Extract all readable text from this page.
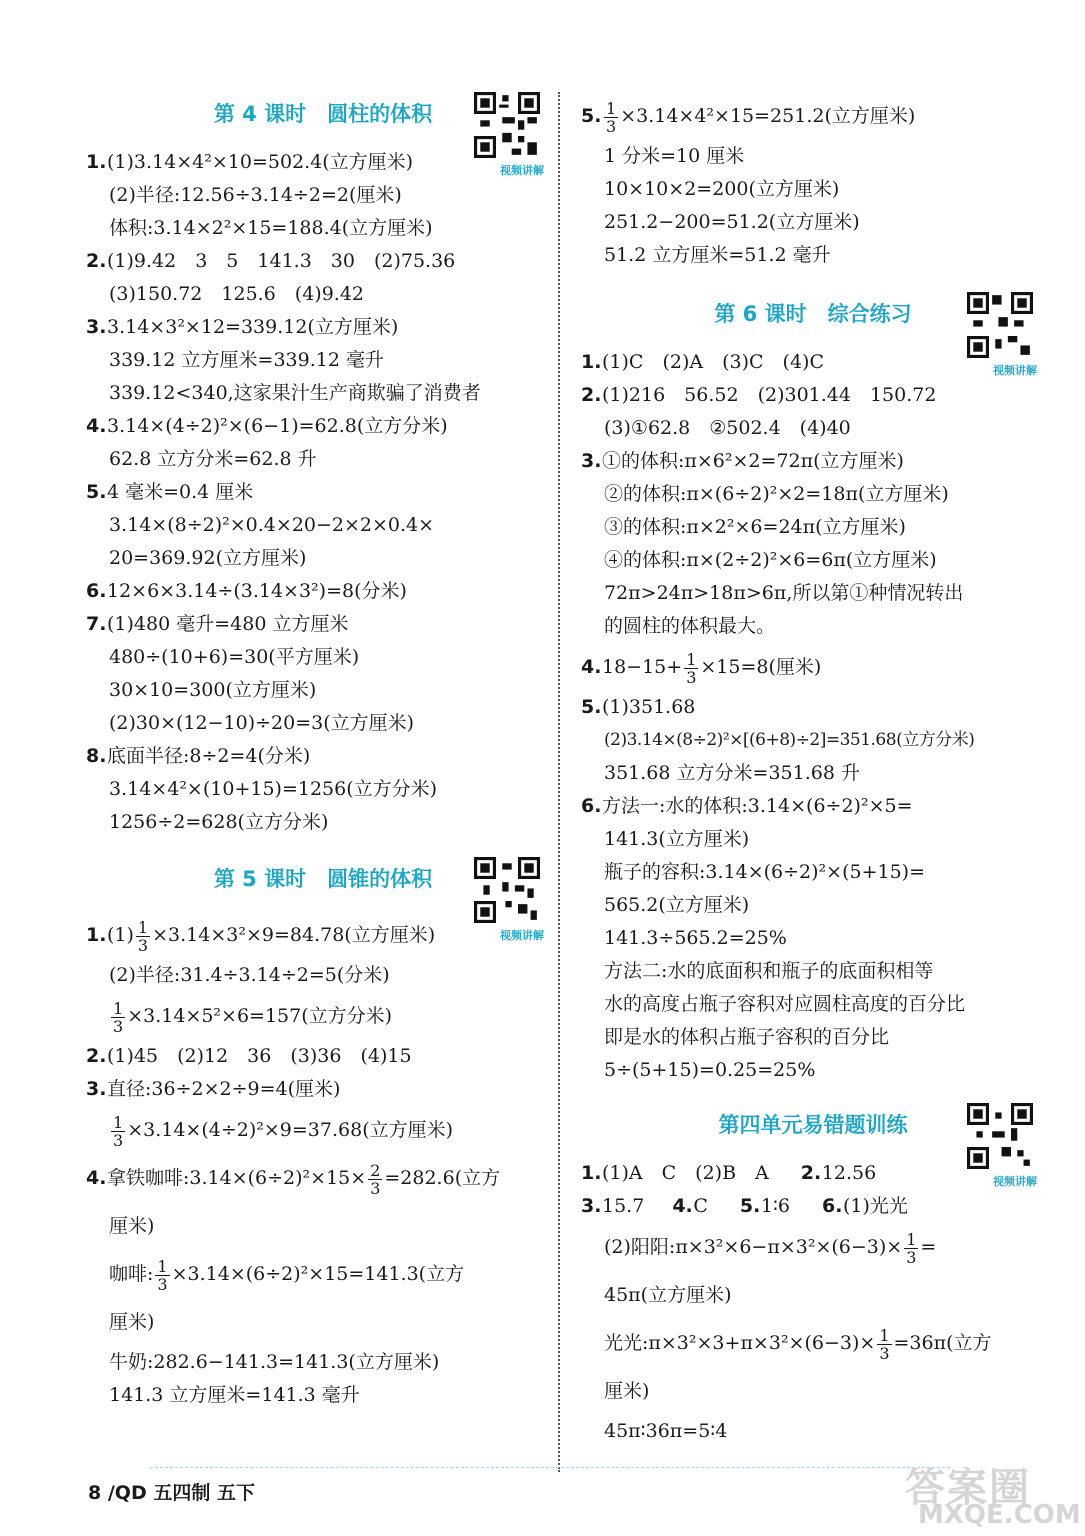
第 4 课时　圆柱的体积
视频讲解
1.(1)3.14×4²×10=502.4(立方厘米)
(2)半径:12.56÷3.14÷2=2(厘米)
体积:3.14×2²×15=188.4(立方厘米)
2.(1)9.42　3　5　141.3　30　(2)75.36
(3)150.72　125.6　(4)9.42
3.3.14×3²×12=339.12(立方厘米)
339.12 立方厘米=339.12 毫升
339.12<340,这家果汁生产商欺骗了消费者
4.3.14×(4÷2)²×(6−1)=62.8(立方分米)
62.8 立方分米=62.8 升
5.4 毫米=0.4 厘米
3.14×(8÷2)²×0.4×20−2×2×0.4×
20=369.92(立方厘米)
6.12×6×3.14÷(3.14×3²)=8(分米)
7.(1)480 毫升=480 立方厘米
480÷(10+6)=30(平方厘米)
30×10=300(立方厘米)
(2)30×(12−10)÷20=3(立方厘米)
8.底面半径:8÷2=4(分米)
3.14×4²×(10+15)=1256(立方分米)
1256÷2=628(立方分米)
第 5 课时　圆锥的体积
视频讲解
$1.(1) \frac{1}{3} \times 3.14\times 3^2\times 9=84.78$(立方厘米)
(2)半径:31.4÷3.14÷2=5(分米)
$\frac{1}{3} \times 3.14\times 5^2\times 6=157$(立方分米)
2.(1)45　(2)12　36　(3)36　(4)15
3.直径:36÷2×2÷9=4(厘米)
$\frac{1}{3} \times 3.14\times(4\div 2)^2\times 9=37.68$(立方厘米)
4.拿铁咖啡:3.14×(6÷2)²×15× $\frac{2}{3} =282.6$(立方
厘米)
咖啡: $\frac{1}{3} \times 3.14\times(6\div 2)^2\times 15=141.3$(立方
厘米)
牛奶:282.6−141.3=141.3(立方厘米)
141.3 立方厘米=141.3 毫升
5. $\frac{1}{3} \times 3.14\times 4^2\times 15=251.2$(立方厘米)
1 分米=10 厘米
10×10×2=200(立方厘米)
251.2−200=51.2(立方厘米)
51.2 立方厘米=51.2 毫升
第 6 课时　综合练习
视频讲解
1.(1)C　(2)A　(3)C　(4)C
2.(1)216　56.52　(2)301.44　150.72
(3)①62.8　②502.4　(4)40
3.①的体积:π×6²×2=72π(立方厘米)
②的体积:π×(6÷2)²×2=18π(立方厘米)
③的体积:π×2²×6=24π(立方厘米)
④的体积:π×(2÷2)²×6=6π(立方厘米)
72π>24π>18π>6π,所以第①种情况转出
的圆柱的体积最大。
$4.18-15+ \frac{1}{3} \times 15=8$(厘米)
5.(1)351.68
(2)3.14×(8÷2)²×[(6+8)÷2]=351.68(立方分米)
351.68 立方分米=351.68 升
6.方法一:水的体积:3.14×(6÷2)²×5=
141.3(立方厘米)
瓶子的容积:3.14×(6÷2)²×(5+15)=
565.2(立方厘米)
141.3÷565.2=25%
方法二:水的底面积和瓶子的底面积相等
水的高度占瓶子容积对应圆柱高度的百分比
即是水的体积占瓶子容积的百分比
5÷(5+15)=0.25=25%
第四单元易错题训练
视频讲解
1.(1)A　C　(2)B　A 2.12.56
3.15.7 4.C 5.1∶6 6.(1)光光
(2)阳阳:π×3²×6−π×3²×(6−3)× $\frac{1}{3}$ =
45π(立方厘米)
光光:π×3²×3+π×3²×(6−3)× $\frac{1}{3} =36\pi$(立方
厘米)
45π∶36π=5∶4
8 /QD 五四制 五下	答案圈
MXQE.COM
